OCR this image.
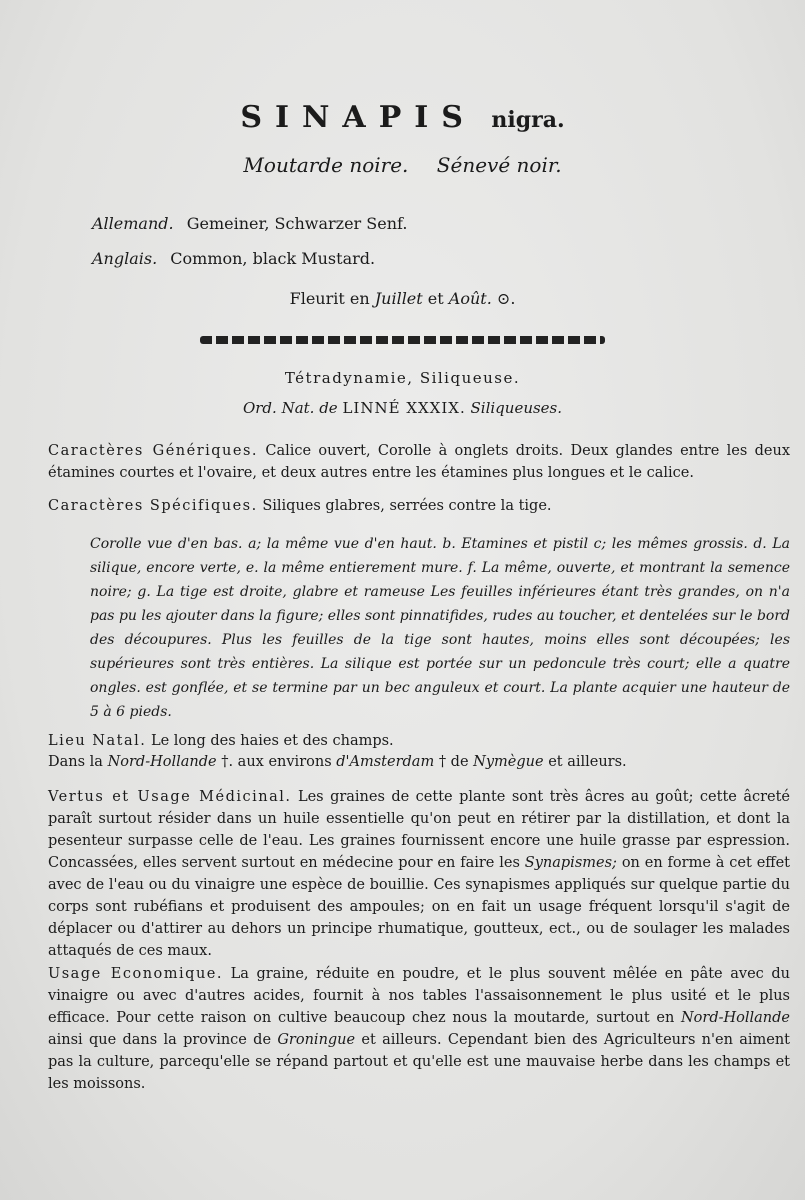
SINAPIS nigra.
Moutarde noire. Sénevé noir.
Allemand. Gemeiner, Schwarzer Senf.
Anglais. Common, black Mustard.
Fleurit en Juillet et Août. ⊙.
Tétradynamie, Siliqueuse.
Ord. Nat. de LINNÉ XXXIX. Siliqueuses.
Caractères Génériques. Calice ouvert, Corolle à onglets droits. Deux glandes entre les deux étamines courtes et l'ovaire, et deux autres entre les étamines plus longues et le calice.
Caractères Spécifiques. Siliques glabres, serrées contre la tige.
Corolle vue d'en bas. a; la même vue d'en haut. b. Etamines et pistil c; les mêmes grossis. d. La silique, encore verte, e. la même entierement mure. f. La même, ouverte, et montrant la semence noire; g. La tige est droite, glabre et rameuse Les feuilles inférieures étant très grandes, on n'a pas pu les ajouter dans la figure; elles sont pinnatifides, rudes au toucher, et dentelées sur le bord des découpures. Plus les feuilles de la tige sont hautes, moins elles sont découpées; les supérieures sont très entières. La silique est portée sur un pedoncule très court; elle a quatre ongles. est gonflée, et se termine par un bec anguleux et court. La plante acquier une hauteur de 5 à 6 pieds.
Lieu Natal. Le long des haies et des champs.
Dans la Nord-Hollande †. aux environs d'Amsterdam † de Nymègue et ailleurs.
Vertus et Usage Médicinal. Les graines de cette plante sont très âcres au goût; cette âcreté paraît surtout résider dans un huile essentielle qu'on peut en rétirer par la distillation, et dont la pesenteur surpasse celle de l'eau. Les graines fournissent encore une huile grasse par espression. Concassées, elles servent surtout en médecine pour en faire les Synapismes; on en forme à cet effet avec de l'eau ou du vinaigre une espèce de bouillie. Ces synapismes appliqués sur quelque partie du corps sont rubéfians et produisent des ampoules; on en fait un usage fréquent lorsqu'il s'agit de déplacer ou d'attirer au dehors un principe rhumatique, goutteux, ect., ou de soulager les malades attaqués de ces maux.
Usage Economique. La graine, réduite en poudre, et le plus souvent mêlée en pâte avec du vinaigre ou avec d'autres acides, fournit à nos tables l'assaisonnement le plus usité et le plus efficace. Pour cette raison on cultive beaucoup chez nous la moutarde, surtout en Nord-Hollande ainsi que dans la province de Groningue et ailleurs. Cependant bien des Agriculteurs n'en aiment pas la culture, parcequ'elle se répand partout et qu'elle est une mauvaise herbe dans les champs et les moissons.
